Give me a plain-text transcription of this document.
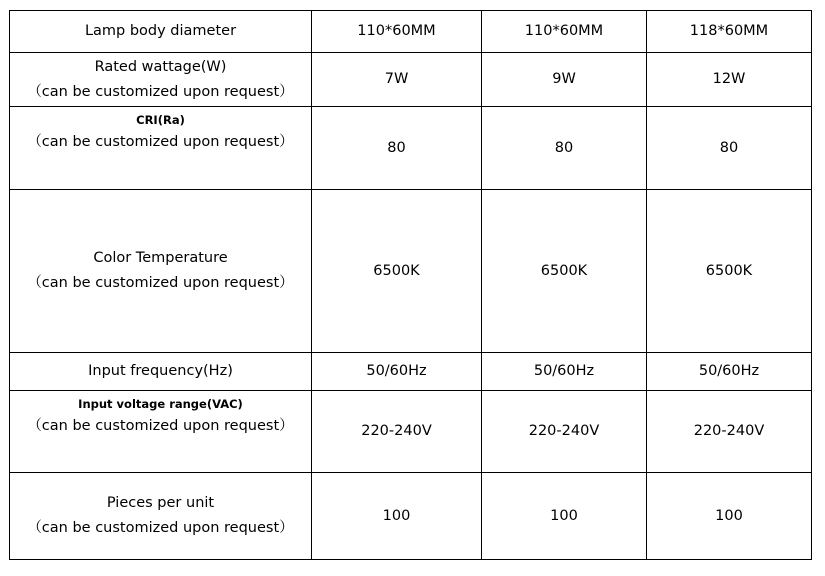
Lamp body diameter	110*60MM	110*60MM	118*60MM

Rated wattage(W)
（can be customized upon request）	7W	9W	12W

CRI(Ra)
（can be customized upon request）	80	80	80

Color Temperature
（can be customized upon request）	6500K	6500K	6500K

Input frequency(Hz)	50/60Hz	50/60Hz	50/60Hz

Input voltage range(VAC)
（can be customized upon request）	220-240V	220-240V	220-240V

Pieces per unit
（can be customized upon request）	100	100	100
